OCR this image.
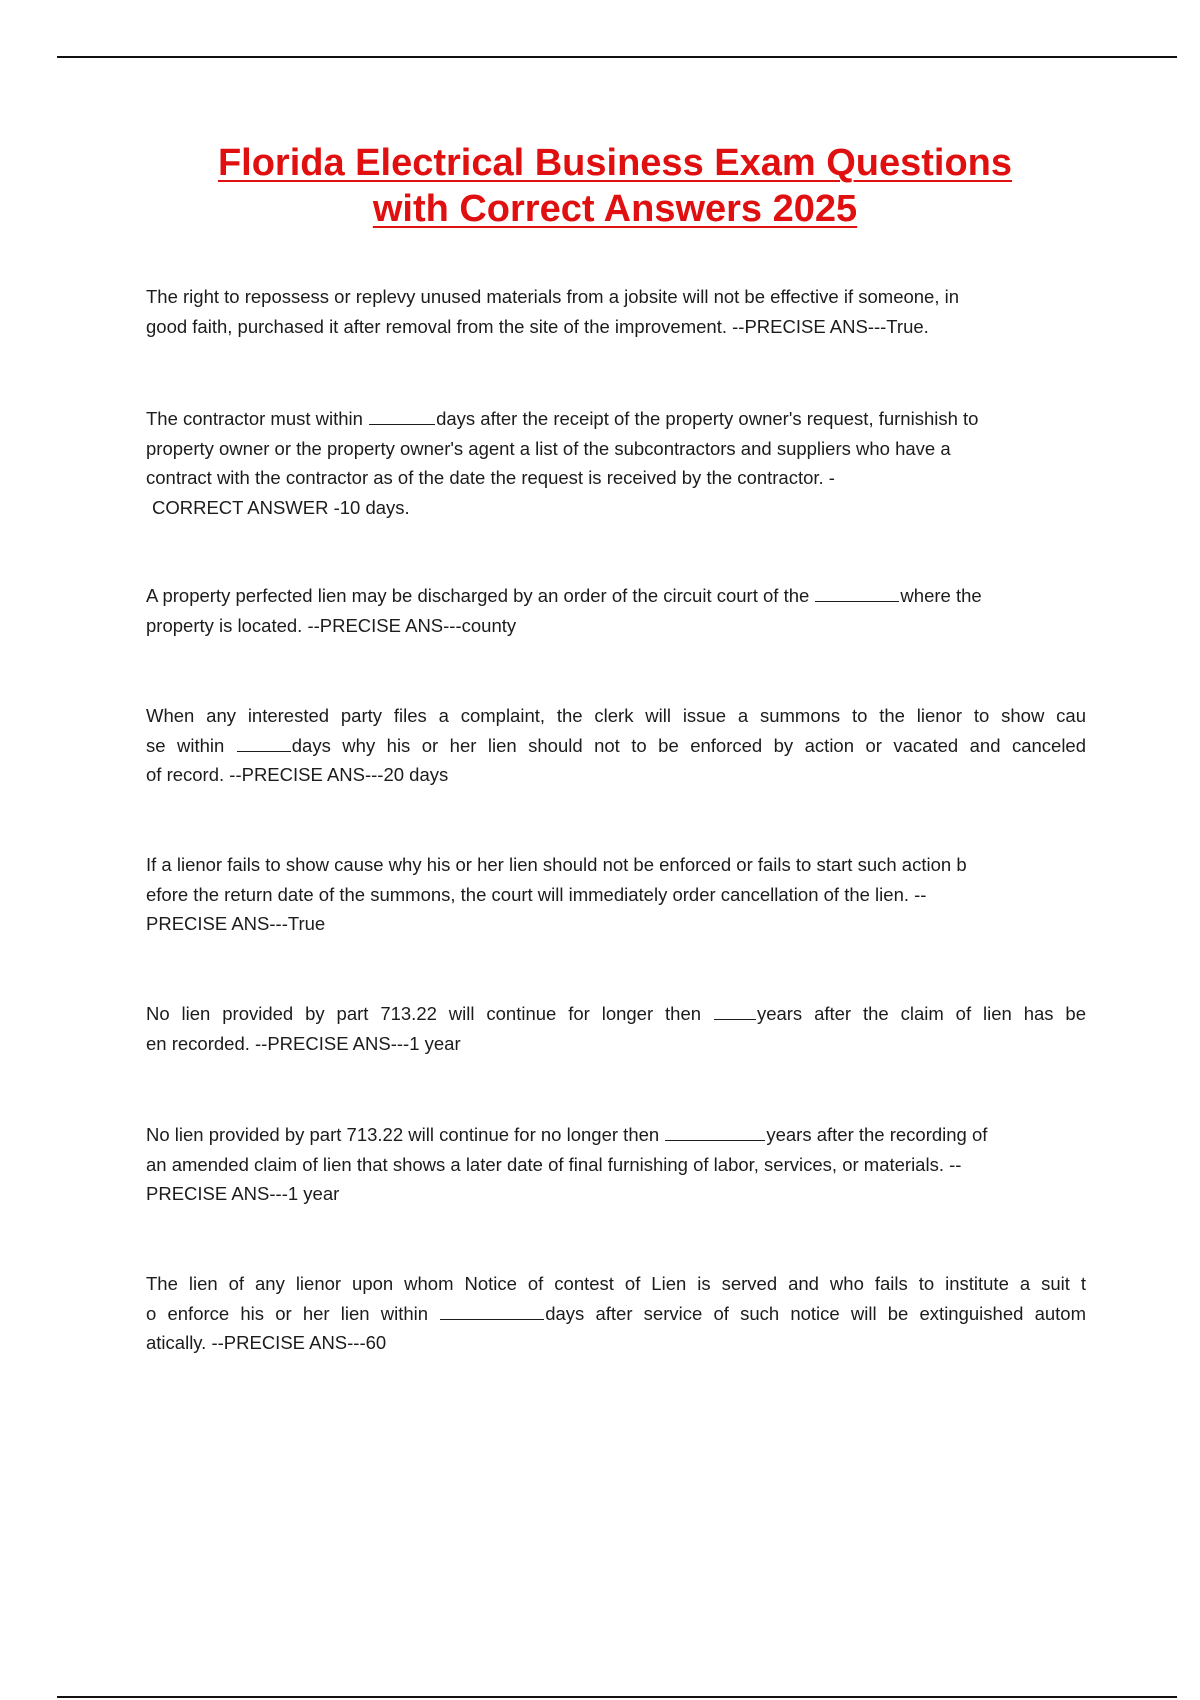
Florida Electrical Business Exam Questions
with Correct Answers 2025

The right to repossess or replevy unused materials from a jobsite will not be effective if someone, in
good faith, purchased it after removal from the site of the improvement. --PRECISE ANS---True.

The contractor must within	days after the receipt of the property owner's request, furnishish to
property owner or the property owner's agent a list of the subcontractors and suppliers who have a
contract with the contractor as of the date the request is received by the contractor. -
CORRECT ANSWER -10 days.

A property perfected lien may be discharged by an order of the circuit court of the	where the
property is located. --PRECISE ANS---county

When any interested party files a complaint, the clerk will issue a summons to the lienor to show cau
se within	days why his or her lien should not to be enforced by action or vacated and canceled
of record. --PRECISE ANS---20 days

If a lienor fails to show cause why his or her lien should not be enforced or fails to start such action b
efore the return date of the summons, the court will immediately order cancellation of the lien. --
PRECISE ANS---True

No lien provided by part 713.22 will continue for longer then years after the claim of lien has be
en recorded. --PRECISE ANS---1 year

No lien provided by part 713.22 will continue for no longer then	years after the recording of
an amended claim of lien that shows a later date of final furnishing of labor, services, or materials. --
PRECISE ANS---1 year

The lien of any lienor upon whom Notice of contest of Lien is served and who fails to institute a suit t
o enforce his or her lien within	days after service of such notice will be extinguished autom
atically. --PRECISE ANS---60
